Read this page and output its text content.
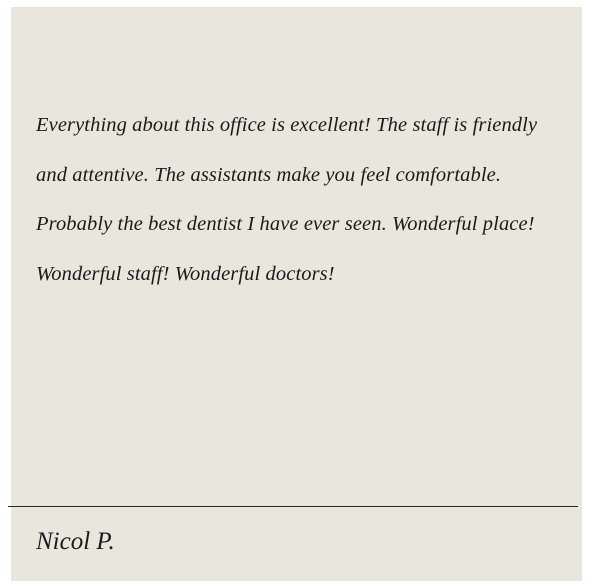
Everything about this office is excellent! The staff is friendly and attentive. The assistants make you feel comfortable. Probably the best dentist I have ever seen. Wonderful place! Wonderful staff! Wonderful doctors!

Nicol P.
